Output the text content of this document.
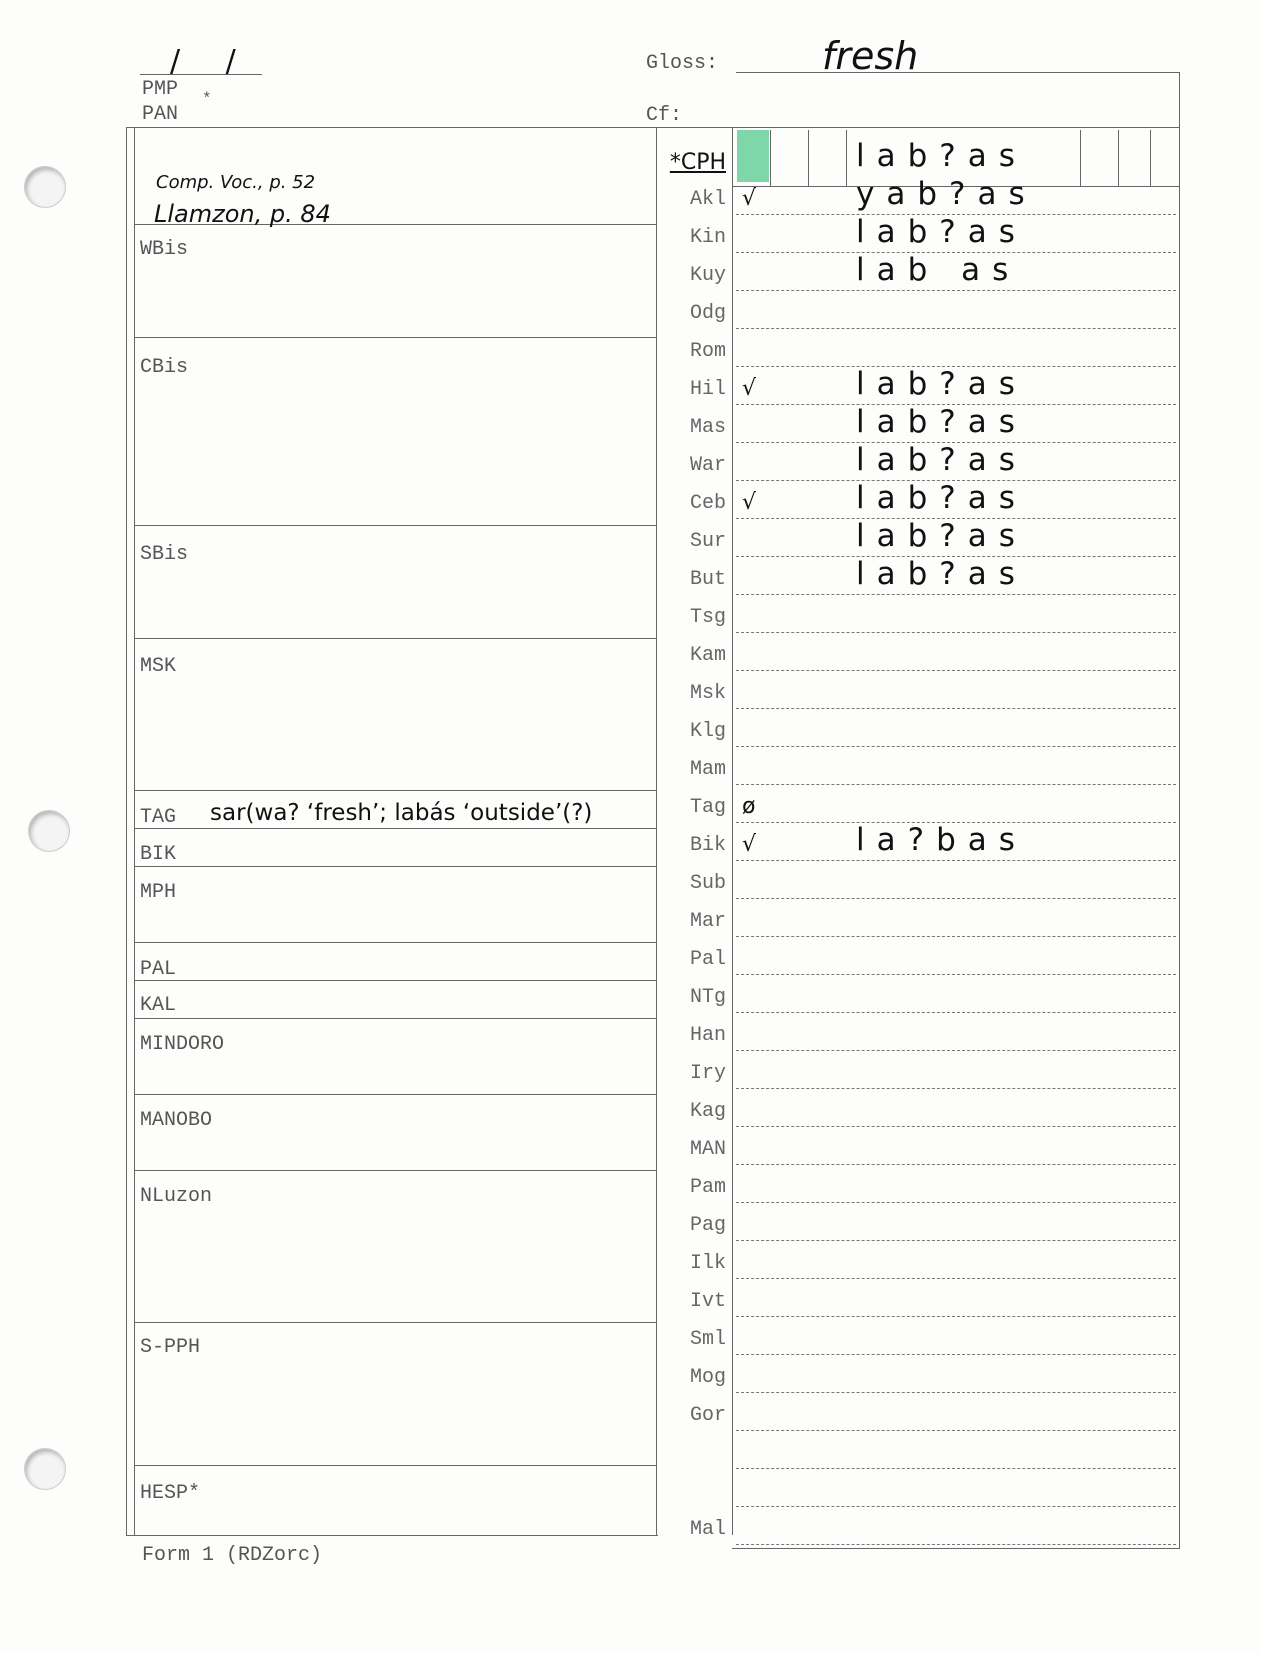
/ /
PMP *
PAN
Gloss:	fresh
Cf:
Comp. Voc., p. 52
Llamzon, p. 84
WBis
CBis
SBis
MSK
TAG sar(wa? ‘fresh’; labás ‘outside’(?)
BIK
MPH
PAL
KAL
MINDORO
MANOBO
NLuzon
S-PPH
HESP*
*CPH	lab?as
Akl √	yab?as
Kin	lab?as
Kuy	lab as
Odg
Rom
Hil √	lab?as
Mas	lab?as
War	lab?as
Ceb √	lab?as
Sur	lab?as
But	lab?as
Tsg
Kam
Msk
Klg
Mam
Tag ø
Bik √	la?bas
Sub
Mar
Pal
NTg
Han
Iry
Kag
MAN
Pam
Pag
Ilk
Ivt
Sml
Mog
Gor
Mal
Form 1 (RDZorc)
